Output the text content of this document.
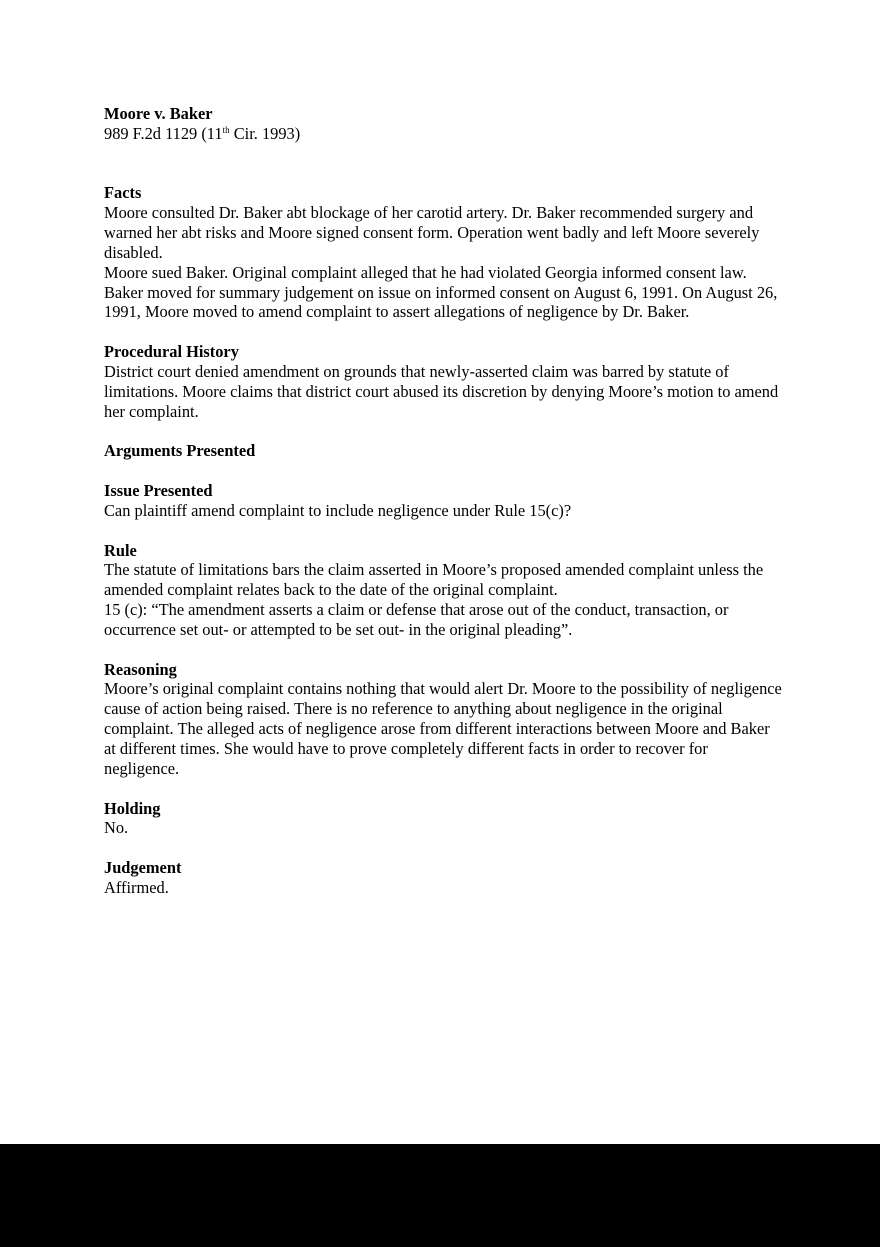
Moore v. Baker

989 F.2d 1129 (11th Cir. 1993)

Facts

Moore consulted Dr. Baker abt blockage of her carotid artery. Dr. Baker recommended surgery and warned her abt risks and Moore signed consent form. Operation went badly and left Moore severely disabled.

Moore sued Baker. Original complaint alleged that he had violated Georgia informed consent law. Baker moved for summary judgement on issue on informed consent on August 6, 1991. On August 26, 1991, Moore moved to amend complaint to assert allegations of negligence by Dr. Baker.

Procedural History

District court denied amendment on grounds that newly-asserted claim was barred by statute of limitations. Moore claims that district court abused its discretion by denying Moore’s motion to amend her complaint.

Arguments Presented

Issue Presented

Can plaintiff amend complaint to include negligence under Rule 15(c)?

Rule

The statute of limitations bars the claim asserted in Moore’s proposed amended complaint unless the amended complaint relates back to the date of the original complaint.

15 (c): “The amendment asserts a claim or defense that arose out of the conduct, transaction, or occurrence set out- or attempted to be set out- in the original pleading”.

Reasoning

Moore’s original complaint contains nothing that would alert Dr. Moore to the possibility of negligence cause of action being raised. There is no reference to anything about negligence in the original complaint. The alleged acts of negligence arose from different interactions between Moore and Baker at different times. She would have to prove completely different facts in order to recover for negligence.

Holding

No.

Judgement

Affirmed.
